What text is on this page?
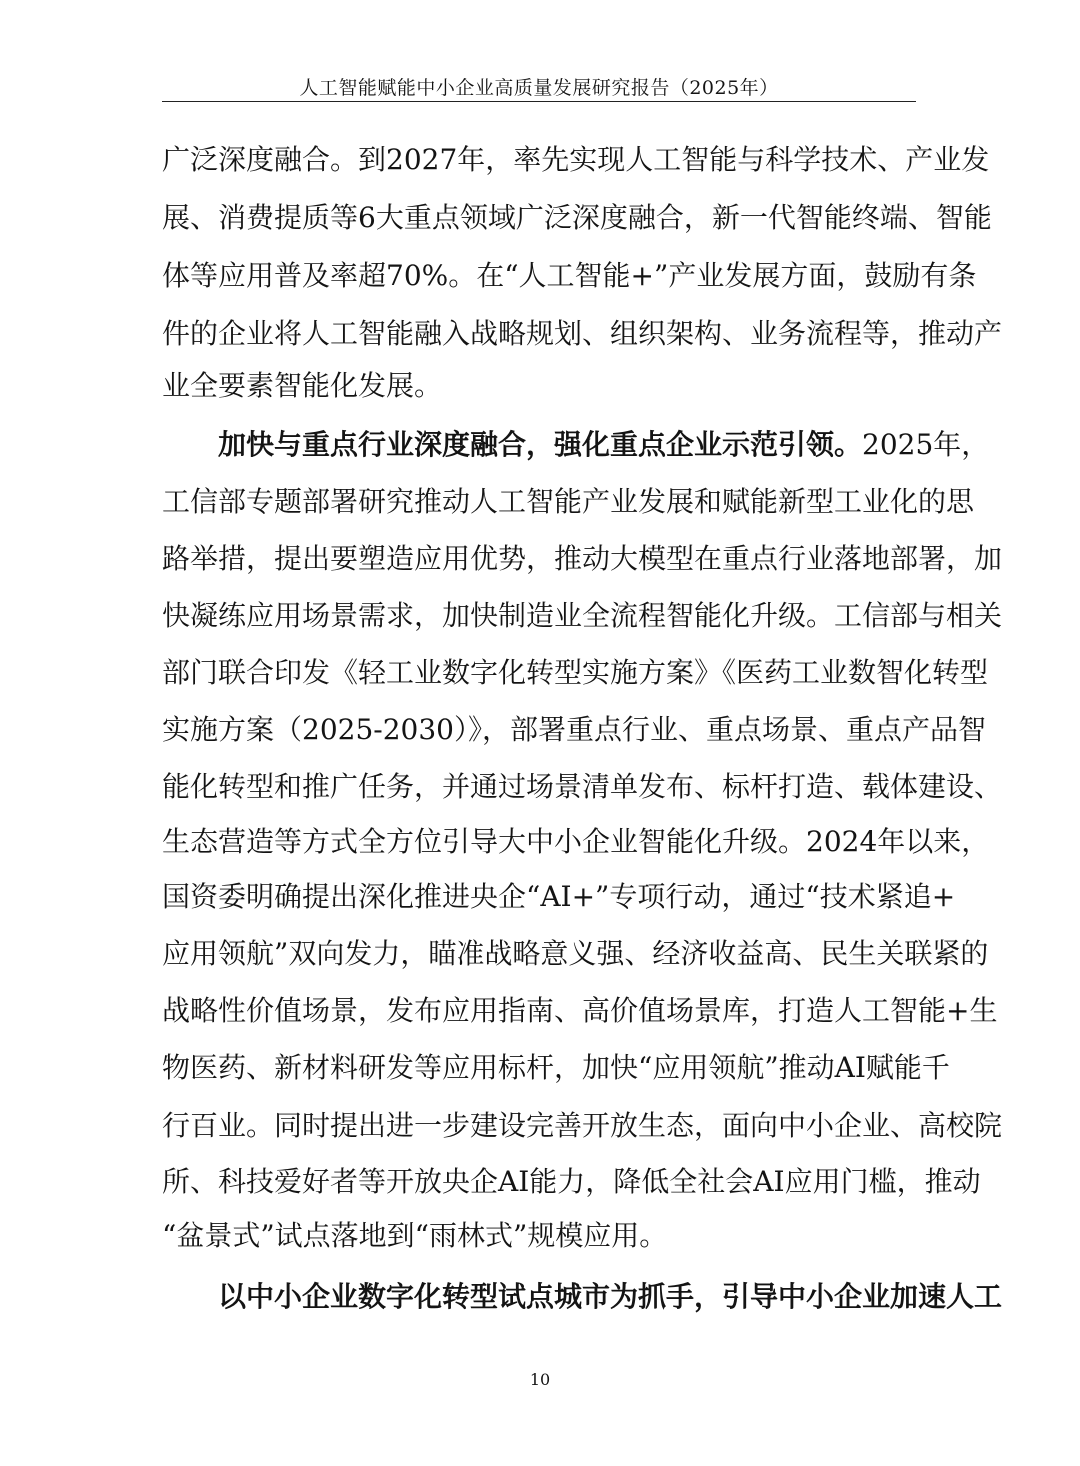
人工智能赋能中小企业高质量发展研究报告（2025年）
广泛深度融合。到2027年，率先实现人工智能与科学技术、产业发
展、消费提质等6大重点领域广泛深度融合，新一代智能终端、智能
体等应用普及率超70%。在“人工智能+”产业发展方面，鼓励有条
件的企业将人工智能融入战略规划、组织架构、业务流程等，推动产
业全要素智能化发展。
加快与重点行业深度融合，强化重点企业示范引领。2025年，
工信部专题部署研究推动人工智能产业发展和赋能新型工业化的思
路举措，提出要塑造应用优势，推动大模型在重点行业落地部署，加
快凝练应用场景需求，加快制造业全流程智能化升级。工信部与相关
部门联合印发《轻工业数字化转型实施方案》《医药工业数智化转型
实施方案（2025-2030）》，部署重点行业、重点场景、重点产品智
能化转型和推广任务，并通过场景清单发布、标杆打造、载体建设、
生态营造等方式全方位引导大中小企业智能化升级。2024年以来，
国资委明确提出深化推进央企“AI+”专项行动，通过“技术紧追+
应用领航”双向发力，瞄准战略意义强、经济收益高、民生关联紧的
战略性价值场景，发布应用指南、高价值场景库，打造人工智能+生
物医药、新材料研发等应用标杆，加快“应用领航”推动AI赋能千
行百业。同时提出进一步建设完善开放生态，面向中小企业、高校院
所、科技爱好者等开放央企AI能力，降低全社会AI应用门槛，推动
“盆景式”试点落地到“雨林式”规模应用。
以中小企业数字化转型试点城市为抓手，引导中小企业加速人工
10
